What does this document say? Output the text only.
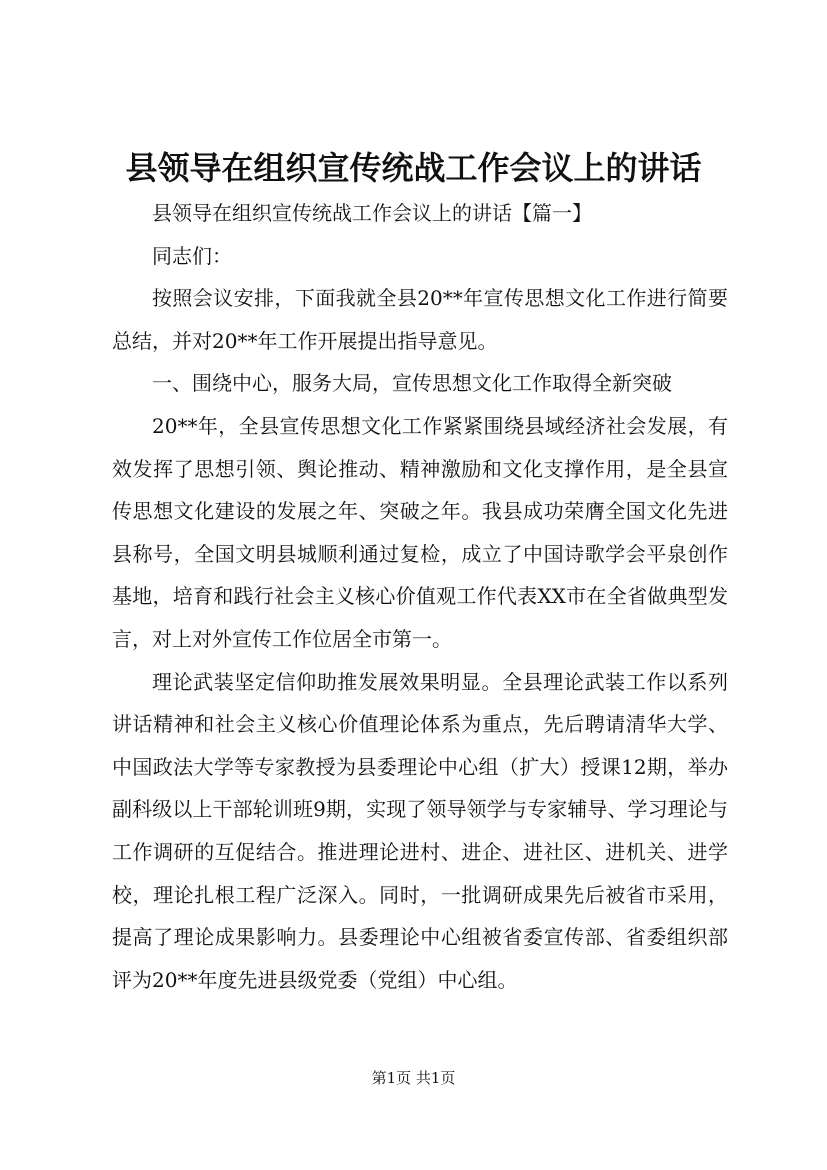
县领导在组织宣传统战工作会议上的讲话

县领导在组织宣传统战工作会议上的讲话【篇一】

同志们：

按照会议安排，下面我就全县20**年宣传思想文化工作进行简要总结，并对20**年工作开展提出指导意见。

一、围绕中心，服务大局，宣传思想文化工作取得全新突破

20**年，全县宣传思想文化工作紧紧围绕县域经济社会发展，有效发挥了思想引领、舆论推动、精神激励和文化支撑作用，是全县宣传思想文化建设的发展之年、突破之年。我县成功荣膺全国文化先进县称号，全国文明县城顺利通过复检，成立了中国诗歌学会平泉创作基地，培育和践行社会主义核心价值观工作代表XX市在全省做典型发言，对上对外宣传工作位居全市第一。

理论武装坚定信仰助推发展效果明显。全县理论武装工作以系列讲话精神和社会主义核心价值理论体系为重点，先后聘请清华大学、中国政法大学等专家教授为县委理论中心组（扩大）授课12期，举办副科级以上干部轮训班9期，实现了领导领学与专家辅导、学习理论与工作调研的互促结合。推进理论进村、进企、进社区、进机关、进学校，理论扎根工程广泛深入。同时，一批调研成果先后被省市采用，提高了理论成果影响力。县委理论中心组被省委宣传部、省委组织部评为20**年度先进县级党委（党组）中心组。

第1页 共1页
